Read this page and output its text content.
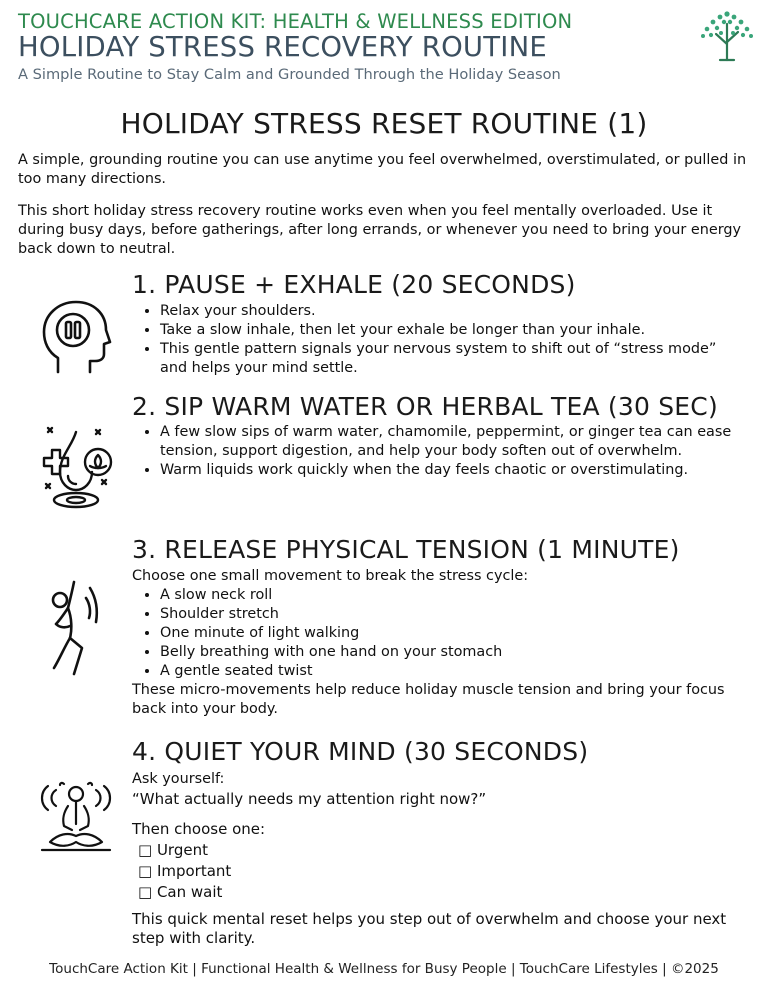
TOUCHCARE ACTION KIT: HEALTH & WELLNESS EDITION
HOLIDAY STRESS RECOVERY ROUTINE
A Simple Routine to Stay Calm and Grounded Through the Holiday Season
HOLIDAY STRESS RESET ROUTINE (1)
A simple, grounding routine you can use anytime you feel overwhelmed, overstimulated, or pulled in too many directions.
This short holiday stress recovery routine works even when you feel mentally overloaded. Use it during busy days, before gatherings, after long errands, or whenever you need to bring your energy back down to neutral.
1. PAUSE + EXHALE (20 SECONDS)
• Relax your shoulders.
• Take a slow inhale, then let your exhale be longer than your inhale.
• This gentle pattern signals your nervous system to shift out of “stress mode” and helps your mind settle.
2. SIP WARM WATER OR HERBAL TEA (30 SEC)
• A few slow sips of warm water, chamomile, peppermint, or ginger tea can ease tension, support digestion, and help your body soften out of overwhelm.
• Warm liquids work quickly when the day feels chaotic or overstimulating.
3. RELEASE PHYSICAL TENSION (1 MINUTE)
Choose one small movement to break the stress cycle:
• A slow neck roll
• Shoulder stretch
• One minute of light walking
• Belly breathing with one hand on your stomach
• A gentle seated twist
These micro-movements help reduce holiday muscle tension and bring your focus back into your body.
4. QUIET YOUR MIND (30 SECONDS)
Ask yourself:
“What actually needs my attention right now?”
Then choose one:
□ Urgent
□ Important
□ Can wait
This quick mental reset helps you step out of overwhelm and choose your next step with clarity.
TouchCare Action Kit | Functional Health & Wellness for Busy People | TouchCare Lifestyles | ©2025
